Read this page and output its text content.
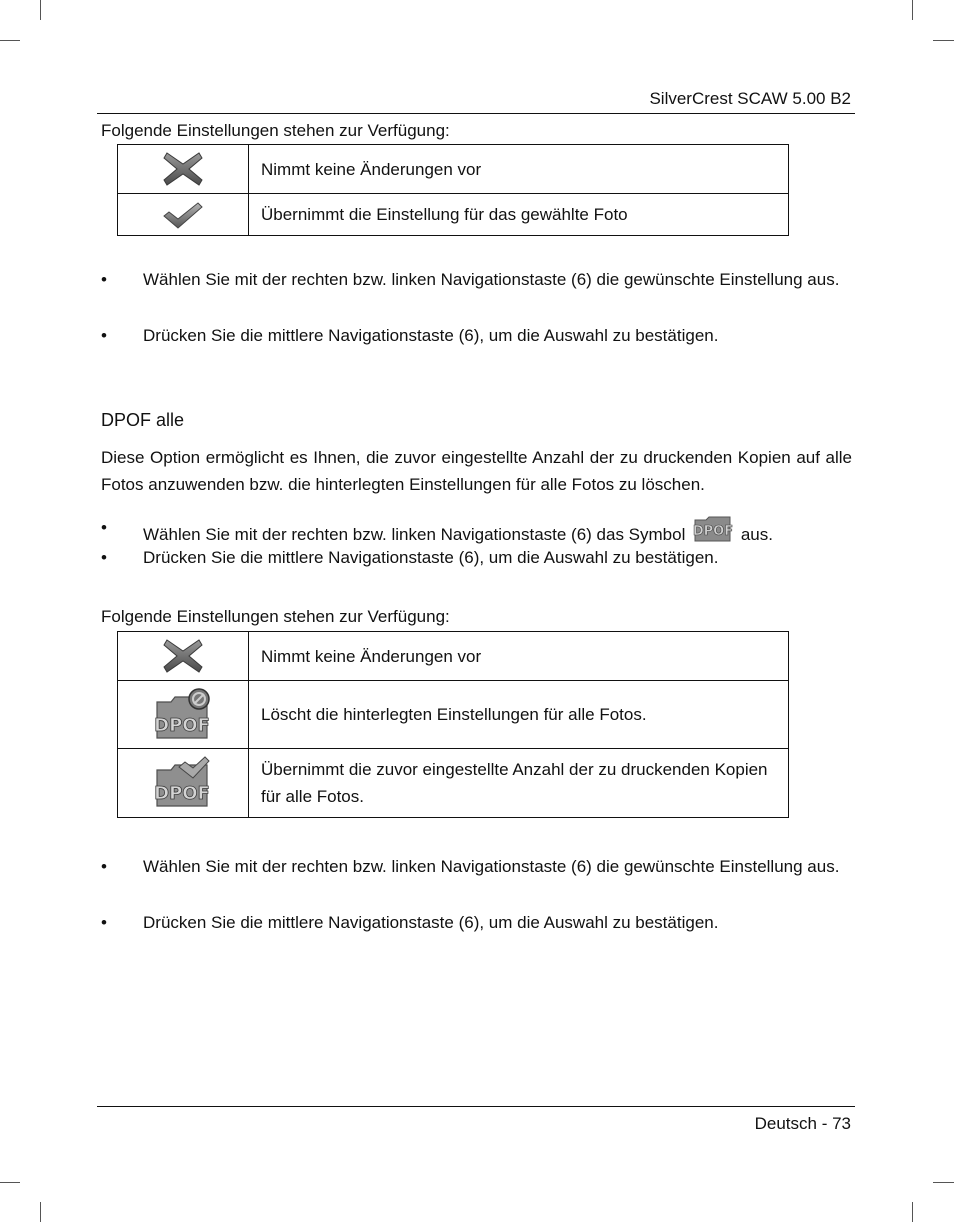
SilverCrest SCAW 5.00 B2
Folgende Einstellungen stehen zur Verfügung:
	Nimmt keine Änderungen vor
	Übernimmt die Einstellung für das gewählte Foto
• Wählen Sie mit der rechten bzw. linken Navigationstaste (6) die gewünschte Einstellung aus.
• Drücken Sie die mittlere Navigationstaste (6), um die Auswahl zu bestätigen.
DPOF alle
Diese Option ermöglicht es Ihnen, die zuvor eingestellte Anzahl der zu druckenden Kopien auf alle Fotos anzuwenden bzw. die hinterlegten Einstellungen für alle Fotos zu löschen.
• Wählen Sie mit der rechten bzw. linken Navigationstaste (6) das Symbol DPOF aus.
• Drücken Sie die mittlere Navigationstaste (6), um die Auswahl zu bestätigen.
Folgende Einstellungen stehen zur Verfügung:
	Nimmt keine Änderungen vor

DPOF	Löscht die hinterlegten Einstellungen für alle Fotos.

DPOF	Übernimmt die zuvor eingestellte Anzahl der zu druckenden Kopien für alle Fotos.
• Wählen Sie mit der rechten bzw. linken Navigationstaste (6) die gewünschte Einstellung aus.
• Drücken Sie die mittlere Navigationstaste (6), um die Auswahl zu bestätigen.
Deutsch - 73
